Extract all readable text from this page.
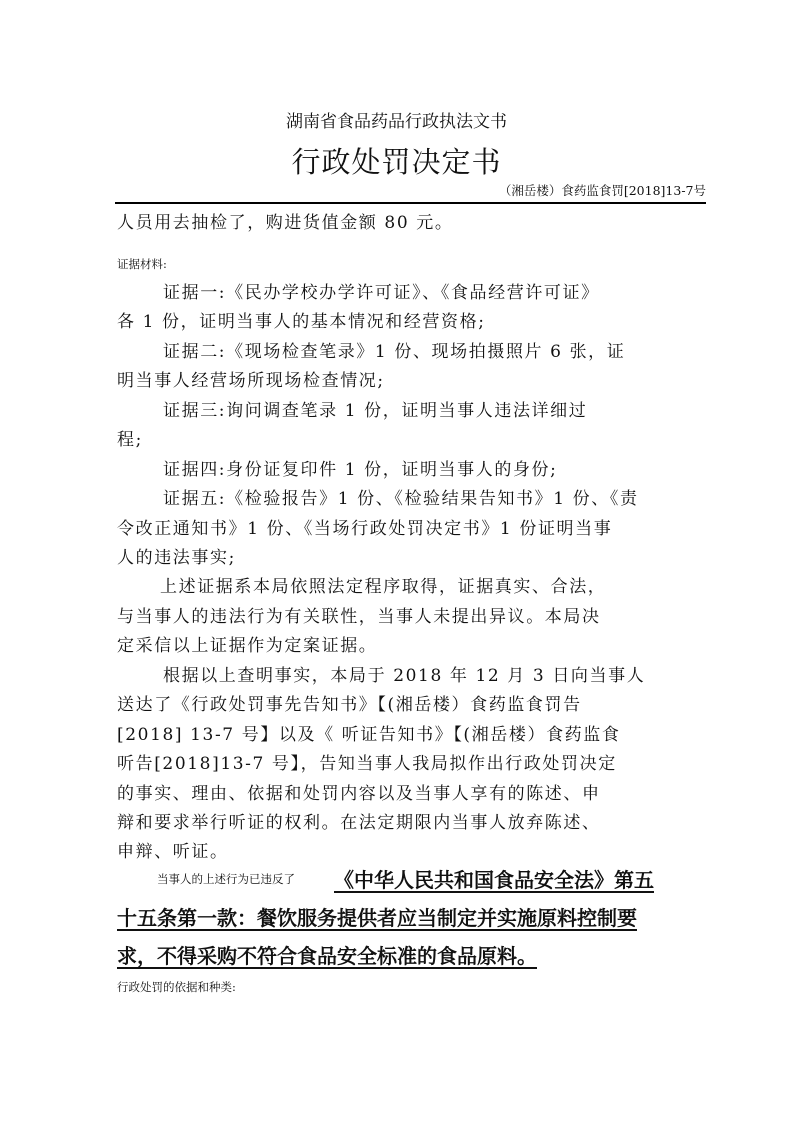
湖南省食品药品行政执法文书
行政处罚决定书
（湘岳楼）食药监食罚[2018]13-7号
人员用去抽检了，购进货值金额 80 元。
证据材料:
证据一:《民办学校办学许可证》、《食品经营许可证》
各 1 份，证明当事人的基本情况和经营资格;
证据二:《现场检查笔录》1 份、现场拍摄照片 6 张，证
明当事人经营场所现场检查情况;
证据三:询问调查笔录 1 份，证明当事人违法详细过
程;
证据四:身份证复印件 1 份，证明当事人的身份;
证据五:《检验报告》1 份、《检验结果告知书》1 份、《责
令改正通知书》1 份、《当场行政处罚决定书》1 份证明当事
人的违法事实;
上述证据系本局依照法定程序取得，证据真实、合法，
与当事人的违法行为有关联性，当事人未提出异议。本局决
定采信以上证据作为定案证据。
根据以上查明事实，本局于 2018 年 12 月 3 日向当事人
送达了《行政处罚事先告知书》【(湘岳楼）食药监食罚告
[2018] 13-7 号】以及《 听证告知书》【(湘岳楼）食药监食
听告[2018]13-7 号】，告知当事人我局拟作出行政处罚决定
的事实、理由、依据和处罚内容以及当事人享有的陈述、申
辩和要求举行听证的权利。在法定期限内当事人放弃陈述、
申辩、听证。
当事人的上述行为已违反了 《中华人民共和国食品安全法》第五
十五条第一款：餐饮服务提供者应当制定并实施原料控制要
求，不得采购不符合食品安全标准的食品原料。
行政处罚的依据和种类:
